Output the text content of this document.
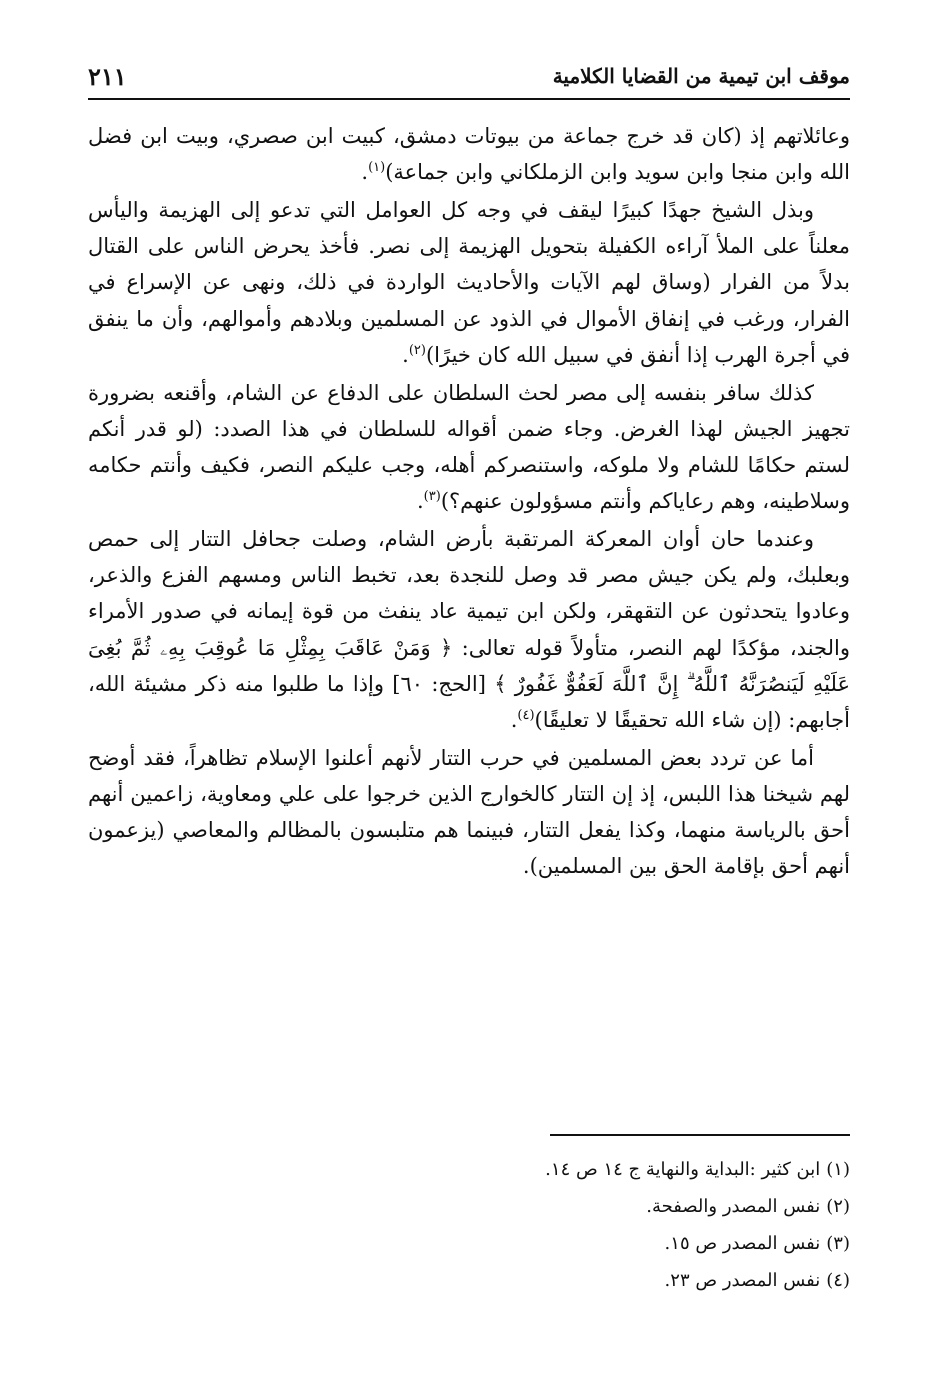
موقف ابن تيمية من القضايا الكلامية
٢١١

وعائلاتهم إذ (كان قد خرج جماعة من بيوتات دمشق، كبيت ابن صصري، وبيت ابن فضل الله وابن منجا وابن سويد وابن الزملكاني وابن جماعة)$^{(١)}$.

وبذل الشيخ جهدًا كبيرًا ليقف في وجه كل العوامل التي تدعو إلى الهزيمة واليأس معلناً على الملأ آراءه الكفيلة بتحويل الهزيمة إلى نصر. فأخذ يحرض الناس على القتال بدلاً من الفرار (وساق لهم الآيات والأحاديث الواردة في ذلك، ونهى عن الإسراع في الفرار، ورغب في إنفاق الأموال في الذود عن المسلمين وبلادهم وأموالهم، وأن ما ينفق في أجرة الهرب إذا أنفق في سبيل الله كان خيرًا)$^{(٢)}$.

كذلك سافر بنفسه إلى مصر لحث السلطان على الدفاع عن الشام، وأقنعه بضرورة تجهيز الجيش لهذا الغرض. وجاء ضمن أقواله للسلطان في هذا الصدد: (لو قدر أنكم لستم حكامًا للشام ولا ملوكه، واستنصركم أهله، وجب عليكم النصر، فكيف وأنتم حكامه وسلاطينه، وهم رعاياكم وأنتم مسؤولون عنهم؟)$^{(٣)}$.

وعندما حان أوان المعركة المرتقبة بأرض الشام، وصلت جحافل التتار إلى حمص وبعلبك، ولم يكن جيش مصر قد وصل للنجدة بعد، تخبط الناس ومسهم الفزع والذعر، وعادوا يتحدثون عن التقهقر، ولكن ابن تيمية عاد ينفث من قوة إيمانه في صدور الأمراء والجند، مؤكدًا لهم النصر، متأولاً قوله تعالى: ﴿ وَمَنْ عَاقَبَ بِمِثْلِ مَا عُوقِبَ بِهِۦ ثُمَّ بُغِىَ عَلَيْهِ لَيَنصُرَنَّهُ ٱللَّهُ ۗ إِنَّ ٱللَّهَ لَعَفُوٌّ غَفُورٌ ﴾ [الحج: ٦٠] وإذا ما طلبوا منه ذكر مشيئة الله، أجابهم: (إن شاء الله تحقيقًا لا تعليقًا)$^{(٤)}$.

أما عن تردد بعض المسلمين في حرب التتار لأنهم أعلنوا الإسلام تظاهراً، فقد أوضح لهم شيخنا هذا اللبس، إذ إن التتار كالخوارج الذين خرجوا على علي ومعاوية، زاعمين أنهم أحق بالرياسة منهما، وكذا يفعل التتار، فبينما هم متلبسون بالمظالم والمعاصي (يزعمون أنهم أحق بإقامة الحق بين المسلمين).

(١)ابن كثير :البداية والنهاية ج ١٤ ص ١٤.
(٢)نفس المصدر والصفحة.
(٣)نفس المصدر ص ١٥.
(٤)نفس المصدر ص ٢٣.
